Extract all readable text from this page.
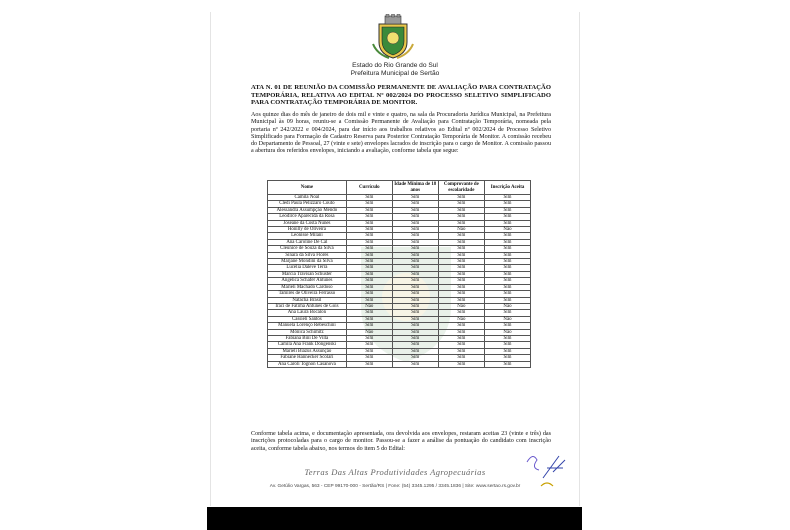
Estado do Rio Grande do Sul
Prefeitura Municipal de Sertão
ATA N. 01 DE REUNIÃO DA COMISSÃO PERMANENTE DE AVALIAÇÃO PARA CONTRATAÇÃO TEMPORÁRIA, RELATIVA AO EDITAL Nº 002/2024 DO PROCESSO SELETIVO SIMPLIFICADO PARA CONTRATAÇÃO TEMPORÁRIA DE MONITOR.
Aos quinze dias do mês de janeiro de dois mil e vinte e quatro, na sala da Procuradoria Jurídica Municipal, na Prefeitura Municipal às 09 horas, reuniu-se a Comissão Permanente de Avaliação para Contratação Temporária, nomeada pela portaria nº 242/2022 e 004/2024, para dar início aos trabalhos relativos ao Edital nº 002/2024 de Processo Seletivo Simplificado para Formação de Cadastro Reserva para Posterior Contratação Temporária de Monitor. A comissão recebeu do Departamento de Pessoal, 27 (vinte e sete) envelopes lacrados de inscrição para o cargo de Monitor. A comissão passou a abertura dos referidos envelopes, iniciando a avaliação, conforme tabela que segue:
Nome	Currículo	Idade Mínima de 18 anos	Comprovante de escolaridade	Inscrição Aceita
Camila Noal	Sim	Sim	Sim	Sim
Cledi Paula Pelizzaro Couto	Sim	Sim	Sim	Sim
Alessandra Assumpção Mendo	Sim	Sim	Sim	Sim
Leodirce Aparecida da Rosa	Sim	Sim	Sim	Sim
Joseane da Costa Nunes	Sim	Sim	Sim	Sim
Honilly de Oliveira	Sim	Sim	Não	Não
Leonisse Milani	Sim	Sim	Sim	Sim
Ana Caroline De Cal	Sim	Sim	Sim	Sim
Cleunice de Souza da Silva	Sim	Sim	Sim	Sim
Sinara da Silva Flores	Sim	Sim	Sim	Sim
Marjane Mondini da Silva	Sim	Sim	Sim	Sim
Lucélia Daleve Terra	Sim	Sim	Sim	Sim
Marcia Travisan Schuster	Sim	Sim	Sim	Sim
Angelica Schafer Antunes	Sim	Sim	Sim	Sim
Marieli Machado Cardoso	Sim	Sim	Sim	Sim
Tamires de Oliveira Ferrasso	Sim	Sim	Sim	Sim
Natacha Brasil	Sim	Sim	Sim	Sim
Iraci de Fatima Antunes de Gois	Não	Sim	Não	Não
Ana Laura Bocalon	Sim	Sim	Sim	Sim
Cassieli Santos	Sim	Sim	Não	Não
Manuela Lorenço Rebeschini	Sim	Sim	Sim	Sim
Mônica Schimitz	Não	Sim	Sim	Não
Fabiana Bini De Villa	Sim	Sim	Sim	Sim
Camila Ana Frank Dongenski	Sim	Sim	Sim	Sim
Marieli Biazus Assunção	Sim	Sim	Sim	Sim
Fabiane Hannecker Scolari	Sim	Sim	Sim	Sim
Ana Caroli Tognon Casanova	Sim	Sim	Sim	Sim
Conforme tabela acima, e documentação apresentada, ora devolvida aos envelopes, restaram aceitas 23 (vinte e três) das inscrições protocoladas para o cargo de monitor. Passou-se a fazer a análise da pontuação do candidato com inscrição aceita, conforme tabela abaixo, nos termos do item 5 do Edital:
Terras Das Altas Produtividades Agropecuárias
Av. Getúlio Vargas, 563 - CEP 99170-000 - Sertão/RS | Fone: (54) 3345.1295 / 3345.1836 | Site: www.sertao.rs.gov.br
